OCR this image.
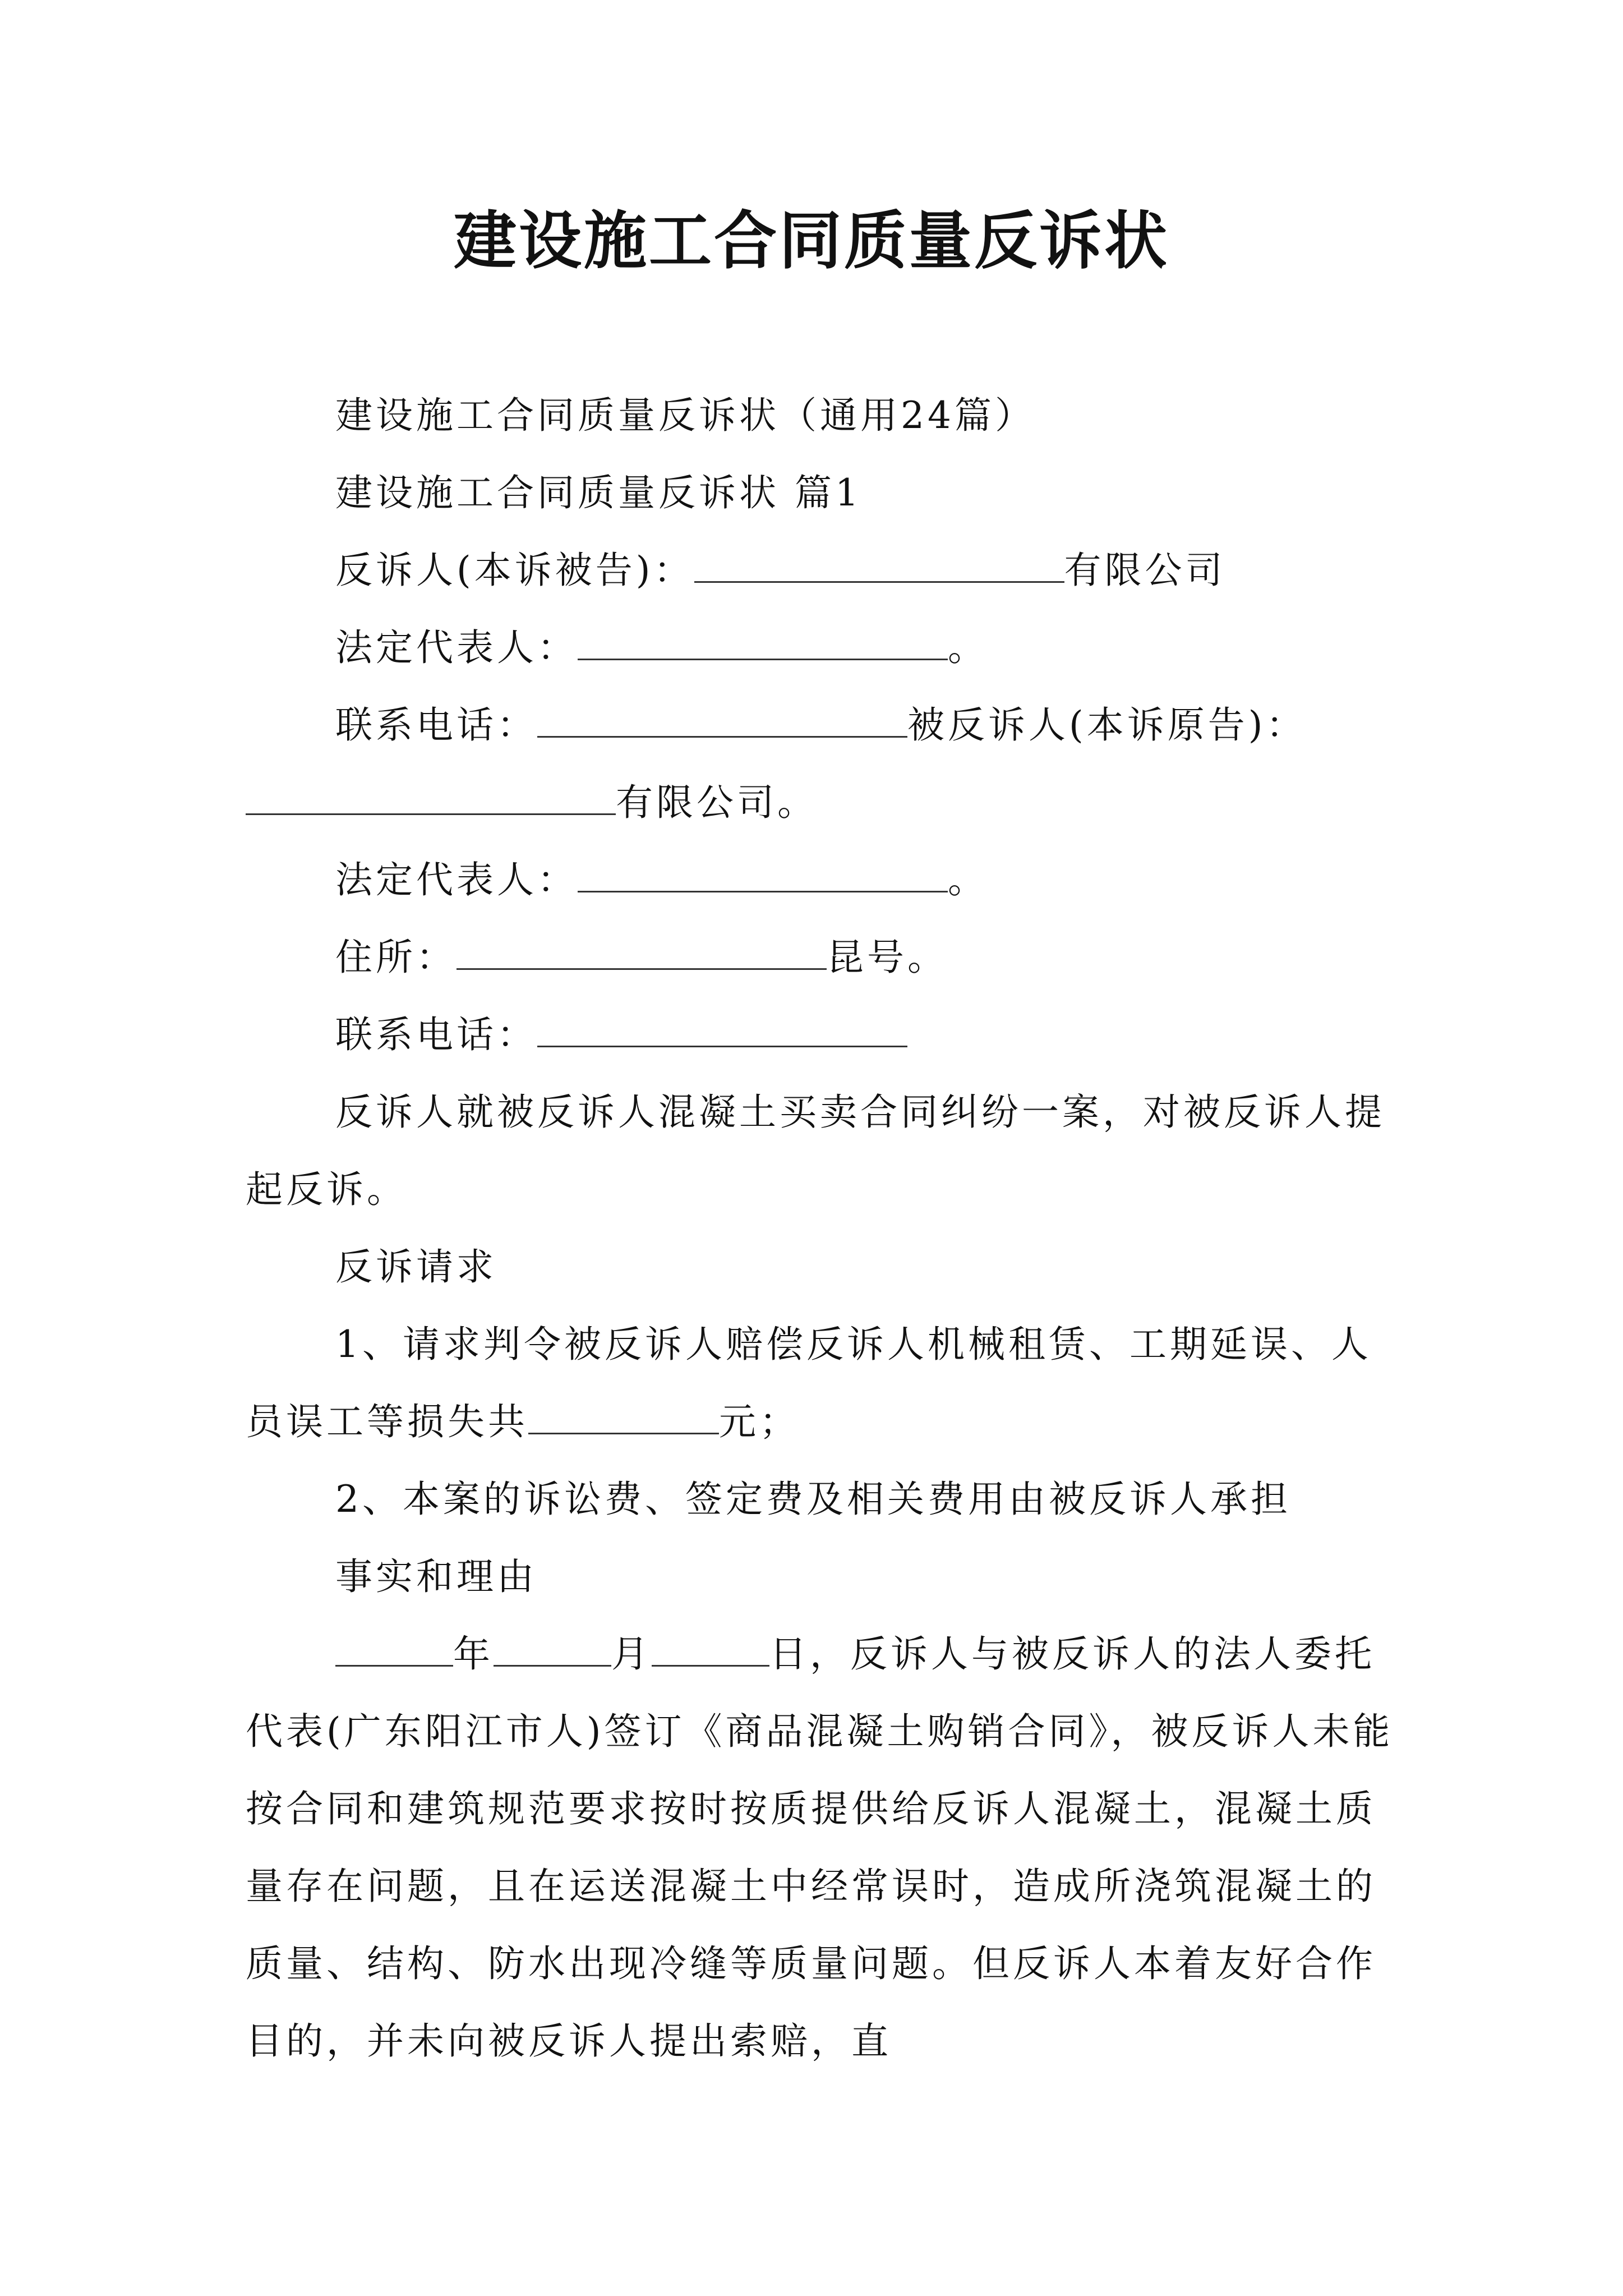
建设施工合同质量反诉状

建设施工合同质量反诉状（通用24篇）

建设施工合同质量反诉状 篇1

反诉人(本诉被告)：	有限公司

法定代表人：	。

联系电话：	被反诉人(本诉原告)：有限公司。

法定代表人：	。

住所：	昆号。

联系电话：

反诉人就被反诉人混凝土买卖合同纠纷一案，对被反诉人提起反诉。

反诉请求

1、请求判令被反诉人赔偿反诉人机械租赁、工期延误、人员误工等损失共	元；

2、本案的诉讼费、签定费及相关费用由被反诉人承担

事实和理由

年	月	日，反诉人与被反诉人的法人委托代表(广东阳江市人)签订《商品混凝土购销合同》，被反诉人未能按合同和建筑规范要求按时按质提供给反诉人混凝土，混凝土质量存在问题，且在运送混凝土中经常误时，造成所浇筑混凝土的质量、结构、防水出现冷缝等质量问题。但反诉人本着友好合作目的，并未向被反诉人提出索赔，直
